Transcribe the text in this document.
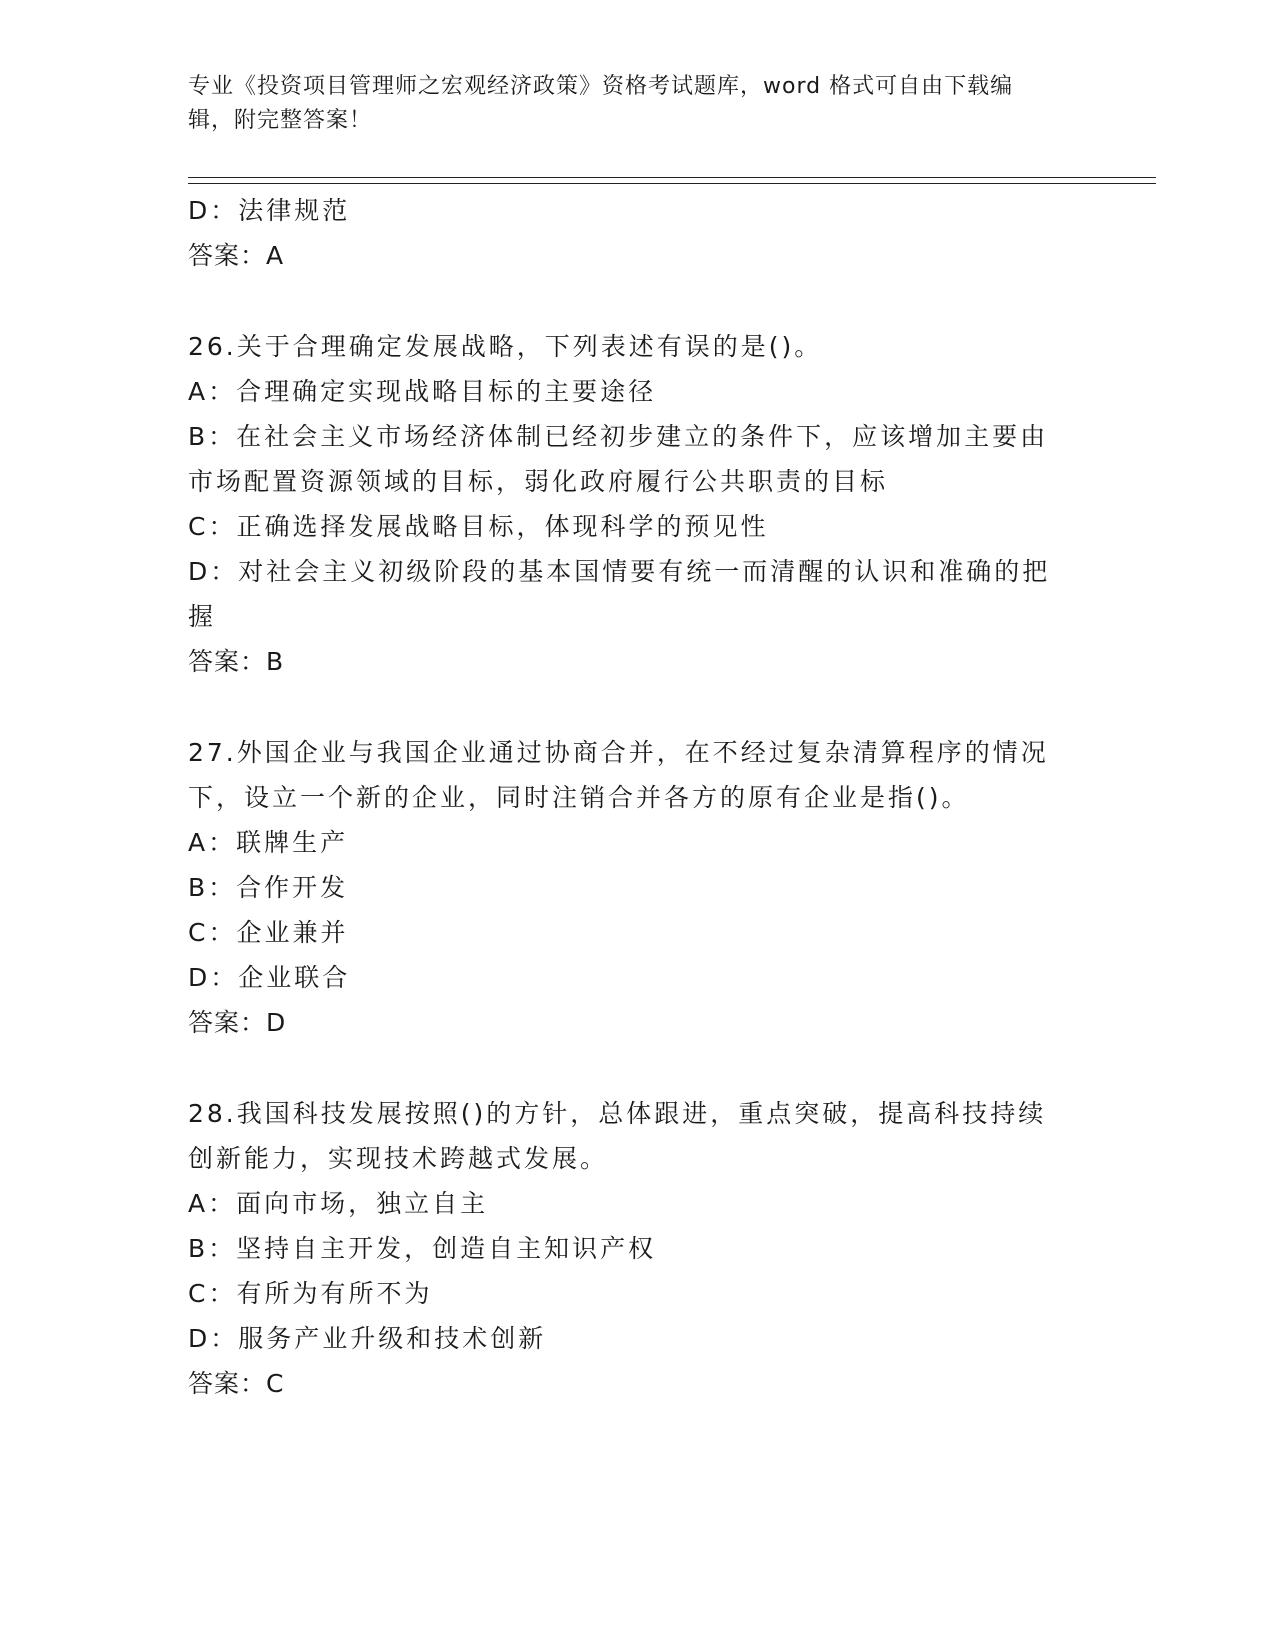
专业《投资项目管理师之宏观经济政策》资格考试题库，word 格式可自由下载编
辑，附完整答案！
D：法律规范
答案：A
26.关于合理确定发展战略，下列表述有误的是()。
A：合理确定实现战略目标的主要途径
B：在社会主义市场经济体制已经初步建立的条件下，应该增加主要由
市场配置资源领域的目标，弱化政府履行公共职责的目标
C：正确选择发展战略目标，体现科学的预见性
D：对社会主义初级阶段的基本国情要有统一而清醒的认识和准确的把
握
答案：B
27.外国企业与我国企业通过协商合并，在不经过复杂清算程序的情况
下，设立一个新的企业，同时注销合并各方的原有企业是指()。
A：联牌生产
B：合作开发
C：企业兼并
D：企业联合
答案：D
28.我国科技发展按照()的方针，总体跟进，重点突破，提高科技持续
创新能力，实现技术跨越式发展。
A：面向市场，独立自主
B：坚持自主开发，创造自主知识产权
C：有所为有所不为
D：服务产业升级和技术创新
答案：C
